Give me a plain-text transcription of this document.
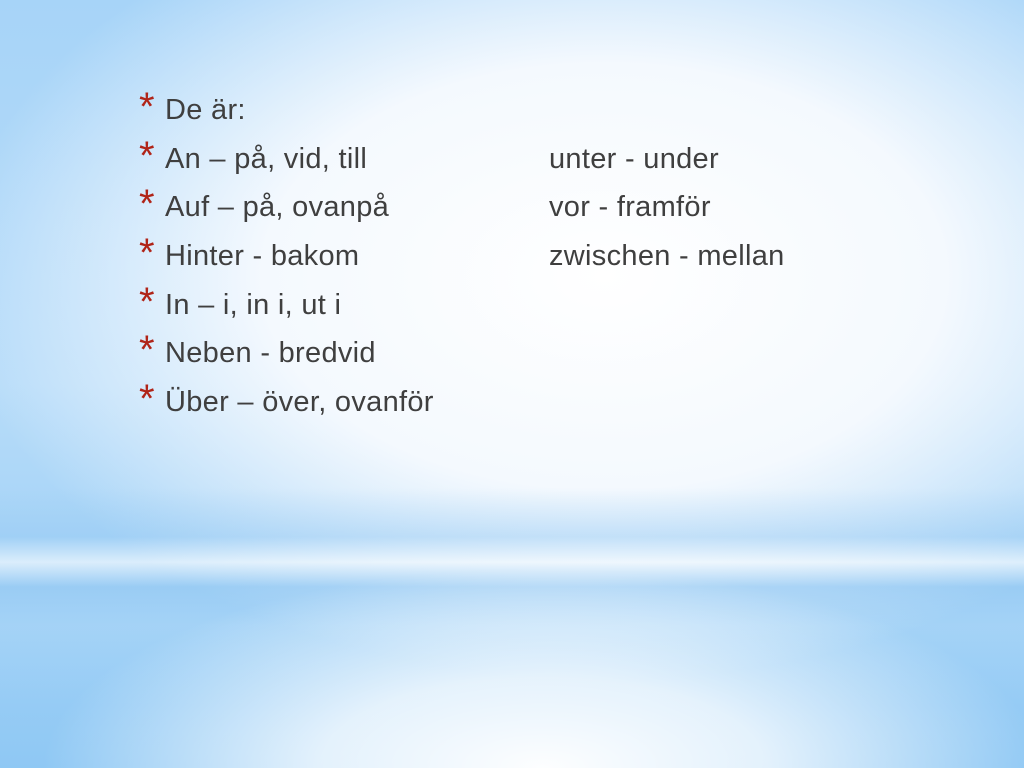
* De är:
* An – på, vid, till	unter - under
* Auf – på, ovanpå	vor - framför
* Hinter - bakom	zwischen - mellan
* In – i, in i, ut i
* Neben - bredvid
* Über – över, ovanför
